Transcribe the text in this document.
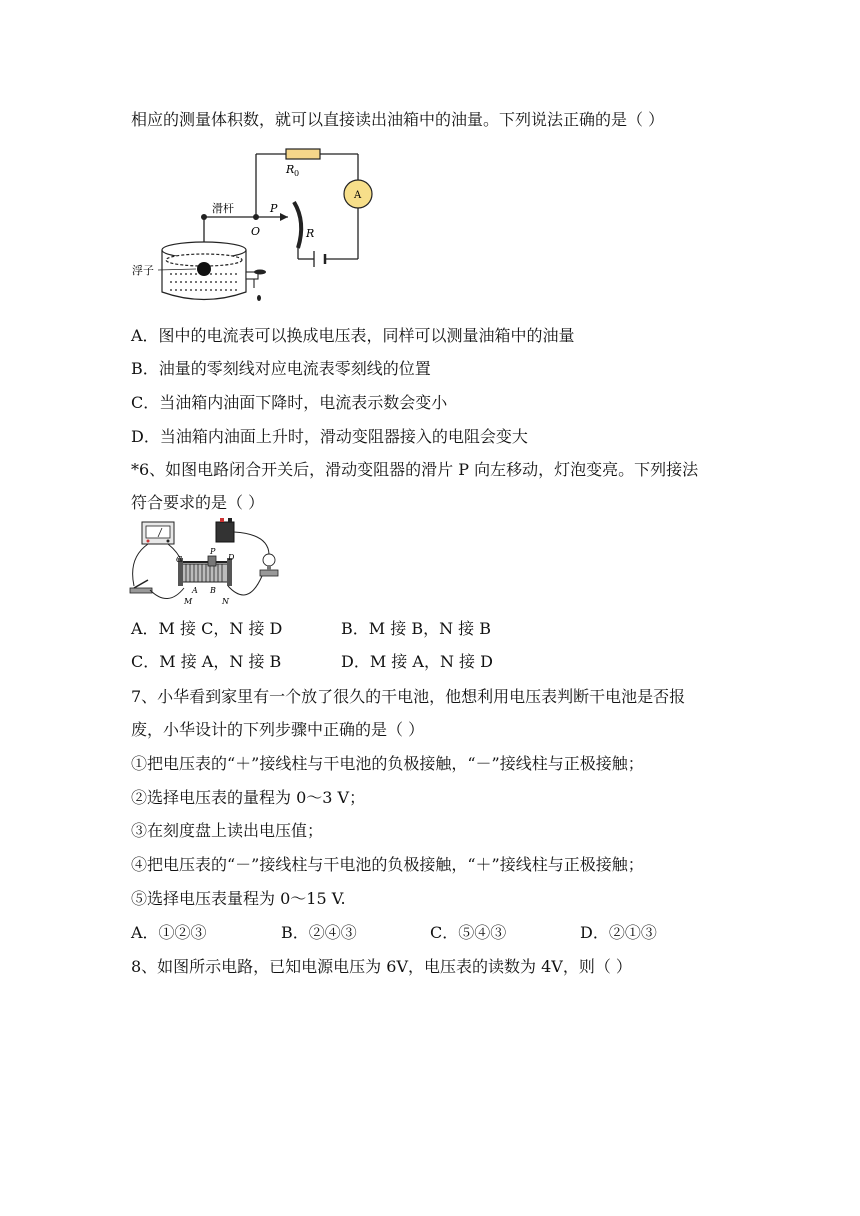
相应的测量体积数，就可以直接读出油箱中的油量。下列说法正确的是（ ）
R 0
A
滑杆	P
O	R
浮子
A．图中的电流表可以换成电压表，同样可以测量油箱中的油量
B．油量的零刻线对应电流表零刻线的位置
C．当油箱内油面下降时，电流表示数会变小
D．当油箱内油面上升时，滑动变阻器接入的电阻会变大
*6、如图电路闭合开关后，滑动变阻器的滑片 P 向左移动，灯泡变亮。下列接法
符合要求的是（ ）
C
P
D
A B
M	N
A．M 接 C，N 接 D	B．M 接 B，N 接 B
C．M 接 A，N 接 B	D．M 接 A，N 接 D
7、小华看到家里有一个放了很久的干电池，他想利用电压表判断干电池是否报
废，小华设计的下列步骤中正确的是（ ）
①把电压表的“＋”接线柱与干电池的负极接触，“－”接线柱与正极接触；
②选择电压表的量程为 0～3 V；
③在刻度盘上读出电压值；
④把电压表的“－”接线柱与干电池的负极接触，“＋”接线柱与正极接触；
⑤选择电压表量程为 0～15 V.
A．①②③	B．②④③	C．⑤④③	D．②①③
8、如图所示电路，已知电源电压为 6V，电压表的读数为 4V，则（ ）
